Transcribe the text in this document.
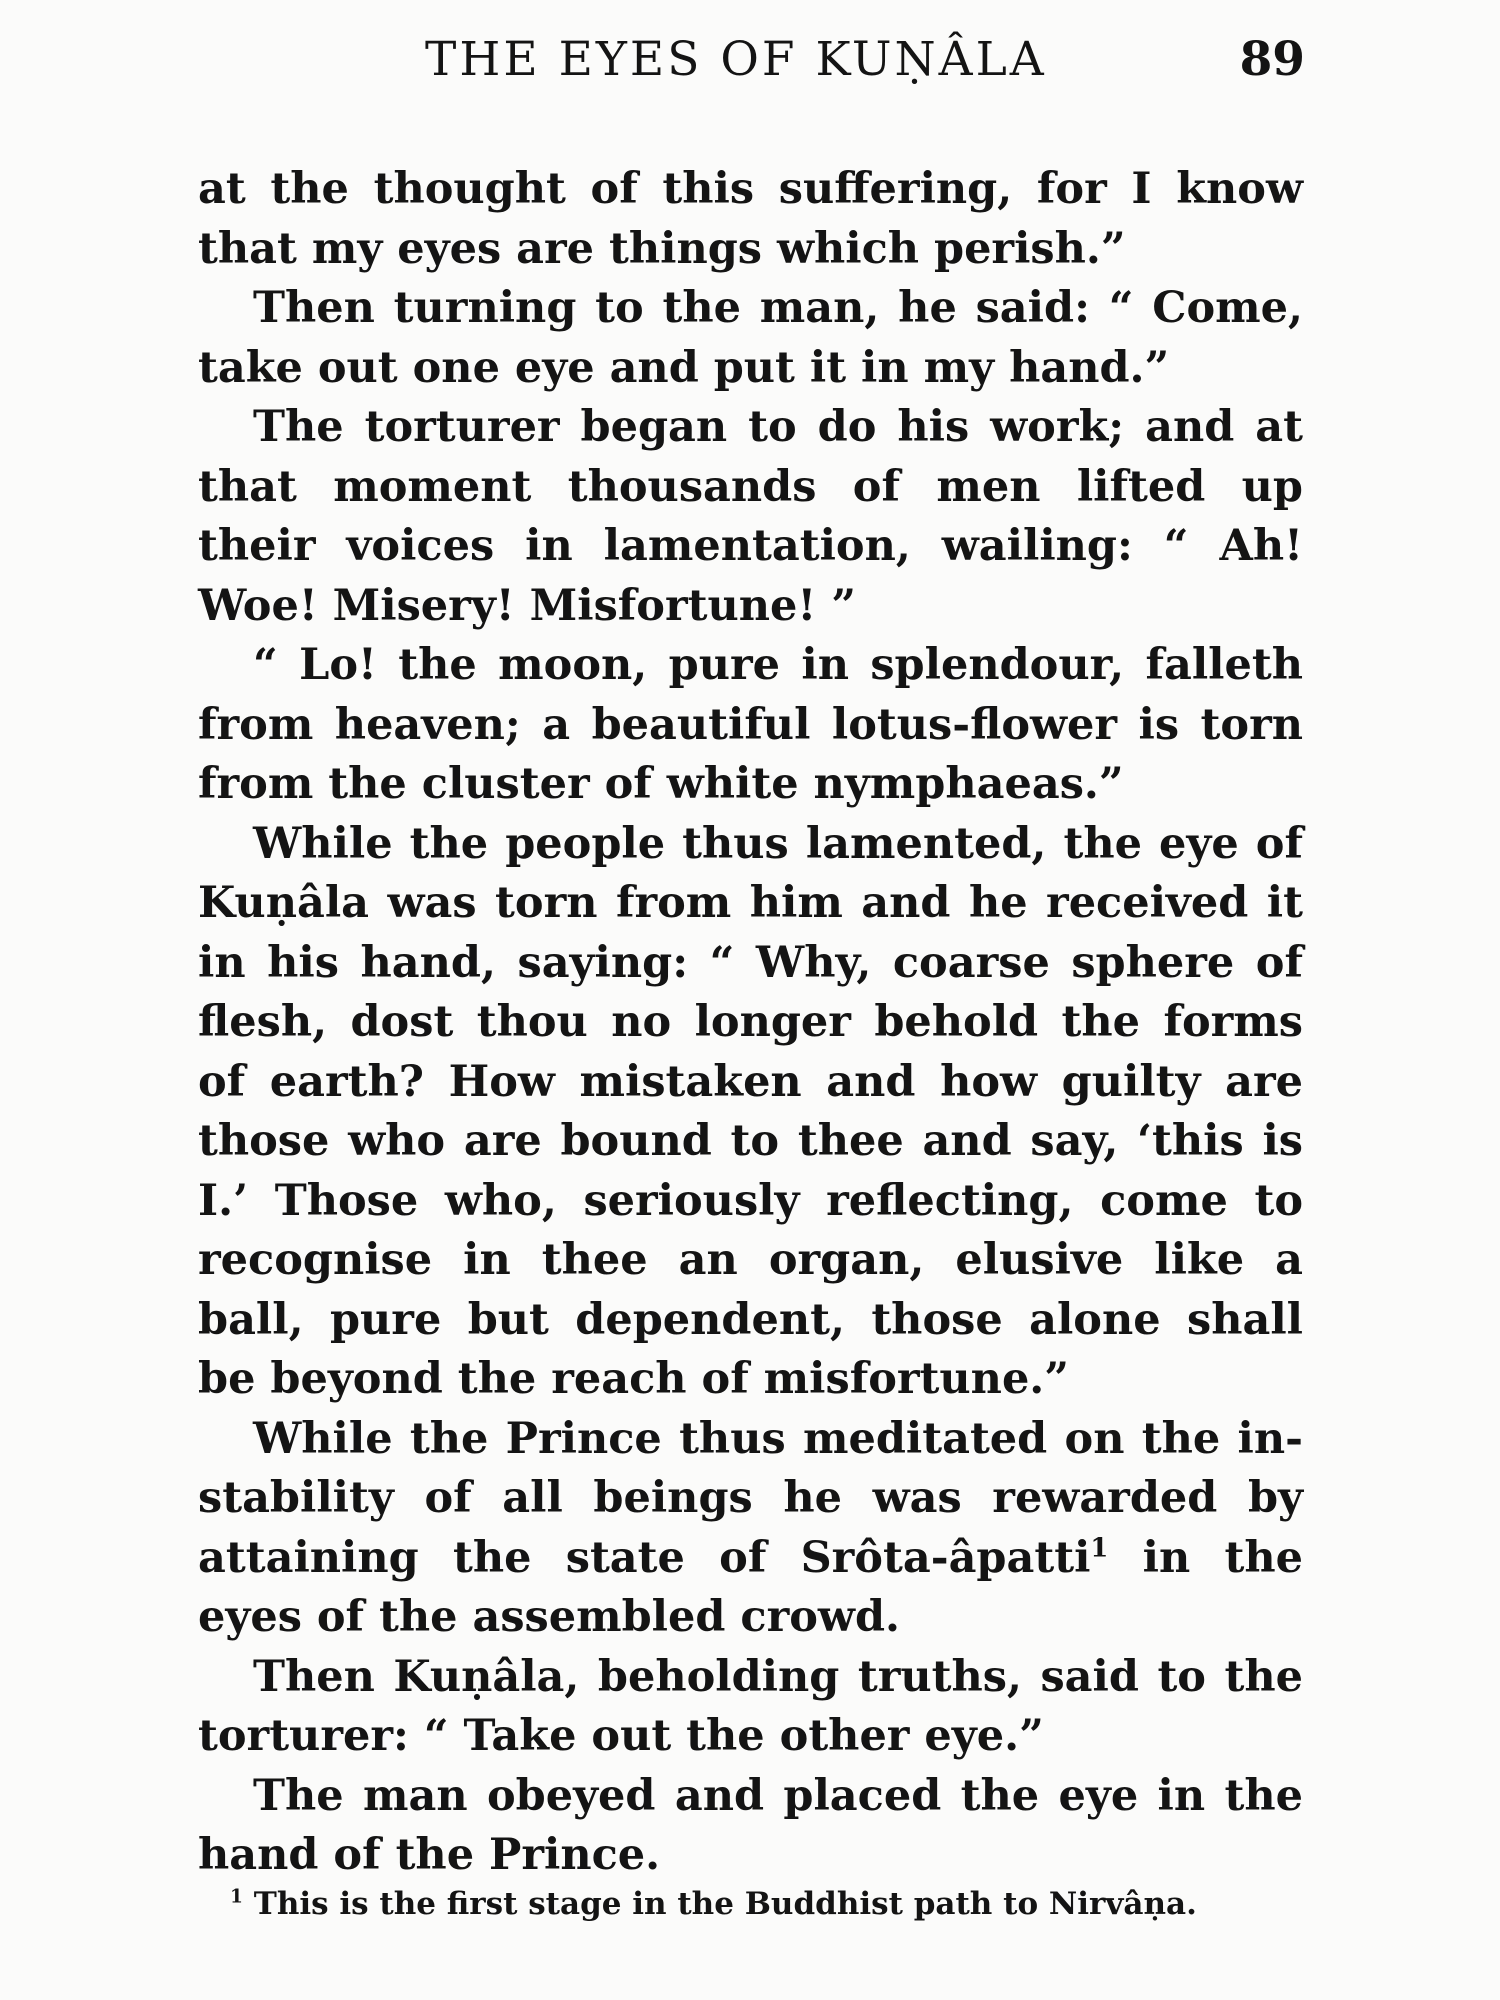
THE EYES OF KUṆÂLA	89

at the thought of this suffering, for I know that my eyes are things which perish.”

Then turning to the man, he said: “ Come, take out one eye and put it in my hand.”

The torturer began to do his work; and at that moment thousands of men lifted up their voices in lamentation, wailing: “ Ah! Woe! Misery! Misfortune! ”

“ Lo! the moon, pure in splendour, falleth from heaven; a beautiful lotus-flower is torn from the cluster of white nymphaeas.”

While the people thus lamented, the eye of Kuṇâla was torn from him and he received it in his hand, saying: “ Why, coarse sphere of flesh, dost thou no longer behold the forms of earth? How mistaken and how guilty are those who are bound to thee and say, ‘this is I.’ Those who, seriously reflecting, come to recognise in thee an organ, elusive like a ball, pure but dependent, those alone shall be beyond the reach of misfortune.”

While the Prince thus meditated on the instability of all beings he was rewarded by attaining the state of Srôta-âpatti$^1$ in the eyes of the assembled crowd.

Then Kuṇâla, beholding truths, said to the torturer: “ Take out the other eye.”

The man obeyed and placed the eye in the hand of the Prince.

$^1$ This is the first stage in the Buddhist path to Nirvâṇa.
